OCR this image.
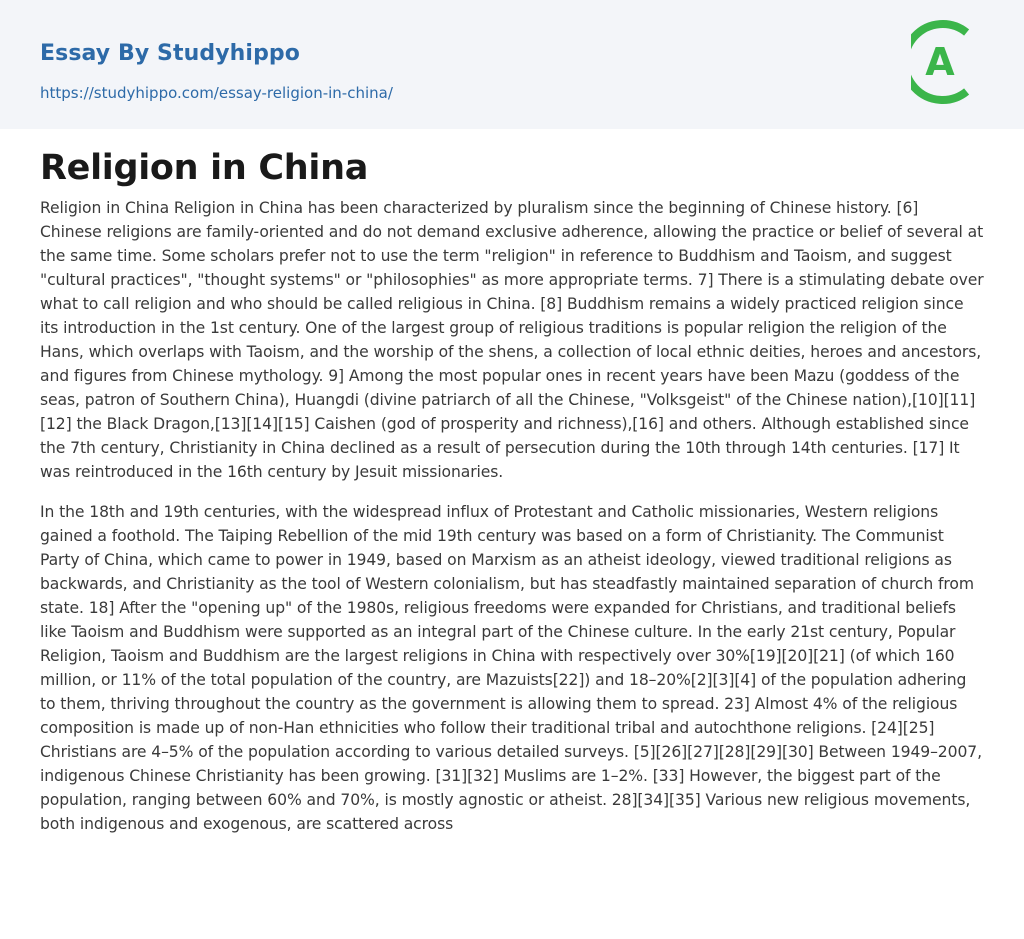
Essay By Studyhippo
https://studyhippo.com/essay-religion-in-china/
A
Religion in China

Religion in China Religion in China has been characterized by pluralism since the beginning of Chinese history. [6] Chinese religions are family-oriented and do not demand exclusive adherence, allowing the practice or belief of several at the same time. Some scholars prefer not to use the term "religion" in reference to Buddhism and Taoism, and suggest "cultural practices", "thought systems" or "philosophies" as more appropriate terms. 7] There is a stimulating debate over what to call religion and who should be called religious in China. [8] Buddhism remains a widely practiced religion since its introduction in the 1st century. One of the largest group of religious traditions is popular religion the religion of the Hans, which overlaps with Taoism, and the worship of the shens, a collection of local ethnic deities, heroes and ancestors, and figures from Chinese mythology. 9] Among the most popular ones in recent years have been Mazu (goddess of the seas, patron of Southern China), Huangdi (divine patriarch of all the Chinese, "Volksgeist" of the Chinese nation),[10][11][12] the Black Dragon,[13][14][15] Caishen (god of prosperity and richness),[16] and others. Although established since the 7th century, Christianity in China declined as a result of persecution during the 10th through 14th centuries. [17] It was reintroduced in the 16th century by Jesuit missionaries.

In the 18th and 19th centuries, with the widespread influx of Protestant and Catholic missionaries, Western religions gained a foothold. The Taiping Rebellion of the mid 19th century was based on a form of Christianity. The Communist Party of China, which came to power in 1949, based on Marxism as an atheist ideology, viewed traditional religions as backwards, and Christianity as the tool of Western colonialism, but has steadfastly maintained separation of church from state. 18] After the "opening up" of the 1980s, religious freedoms were expanded for Christians, and traditional beliefs like Taoism and Buddhism were supported as an integral part of the Chinese culture. In the early 21st century, Popular Religion, Taoism and Buddhism are the largest religions in China with respectively over 30%[19][20][21] (of which 160 million, or 11% of the total population of the country, are Mazuists[22]) and 18–20%[2][3][4] of the population adhering to them, thriving throughout the country as the government is allowing them to spread. 23] Almost 4% of the religious composition is made up of non-Han ethnicities who follow their traditional tribal and autochthone religions. [24][25] Christians are 4–5% of the population according to various detailed surveys. [5][26][27][28][29][30] Between 1949–2007, indigenous Chinese Christianity has been growing. [31][32] Muslims are 1–2%. [33] However, the biggest part of the population, ranging between 60% and 70%, is mostly agnostic or atheist. 28][34][35] Various new religious movements, both indigenous and exogenous, are scattered across
